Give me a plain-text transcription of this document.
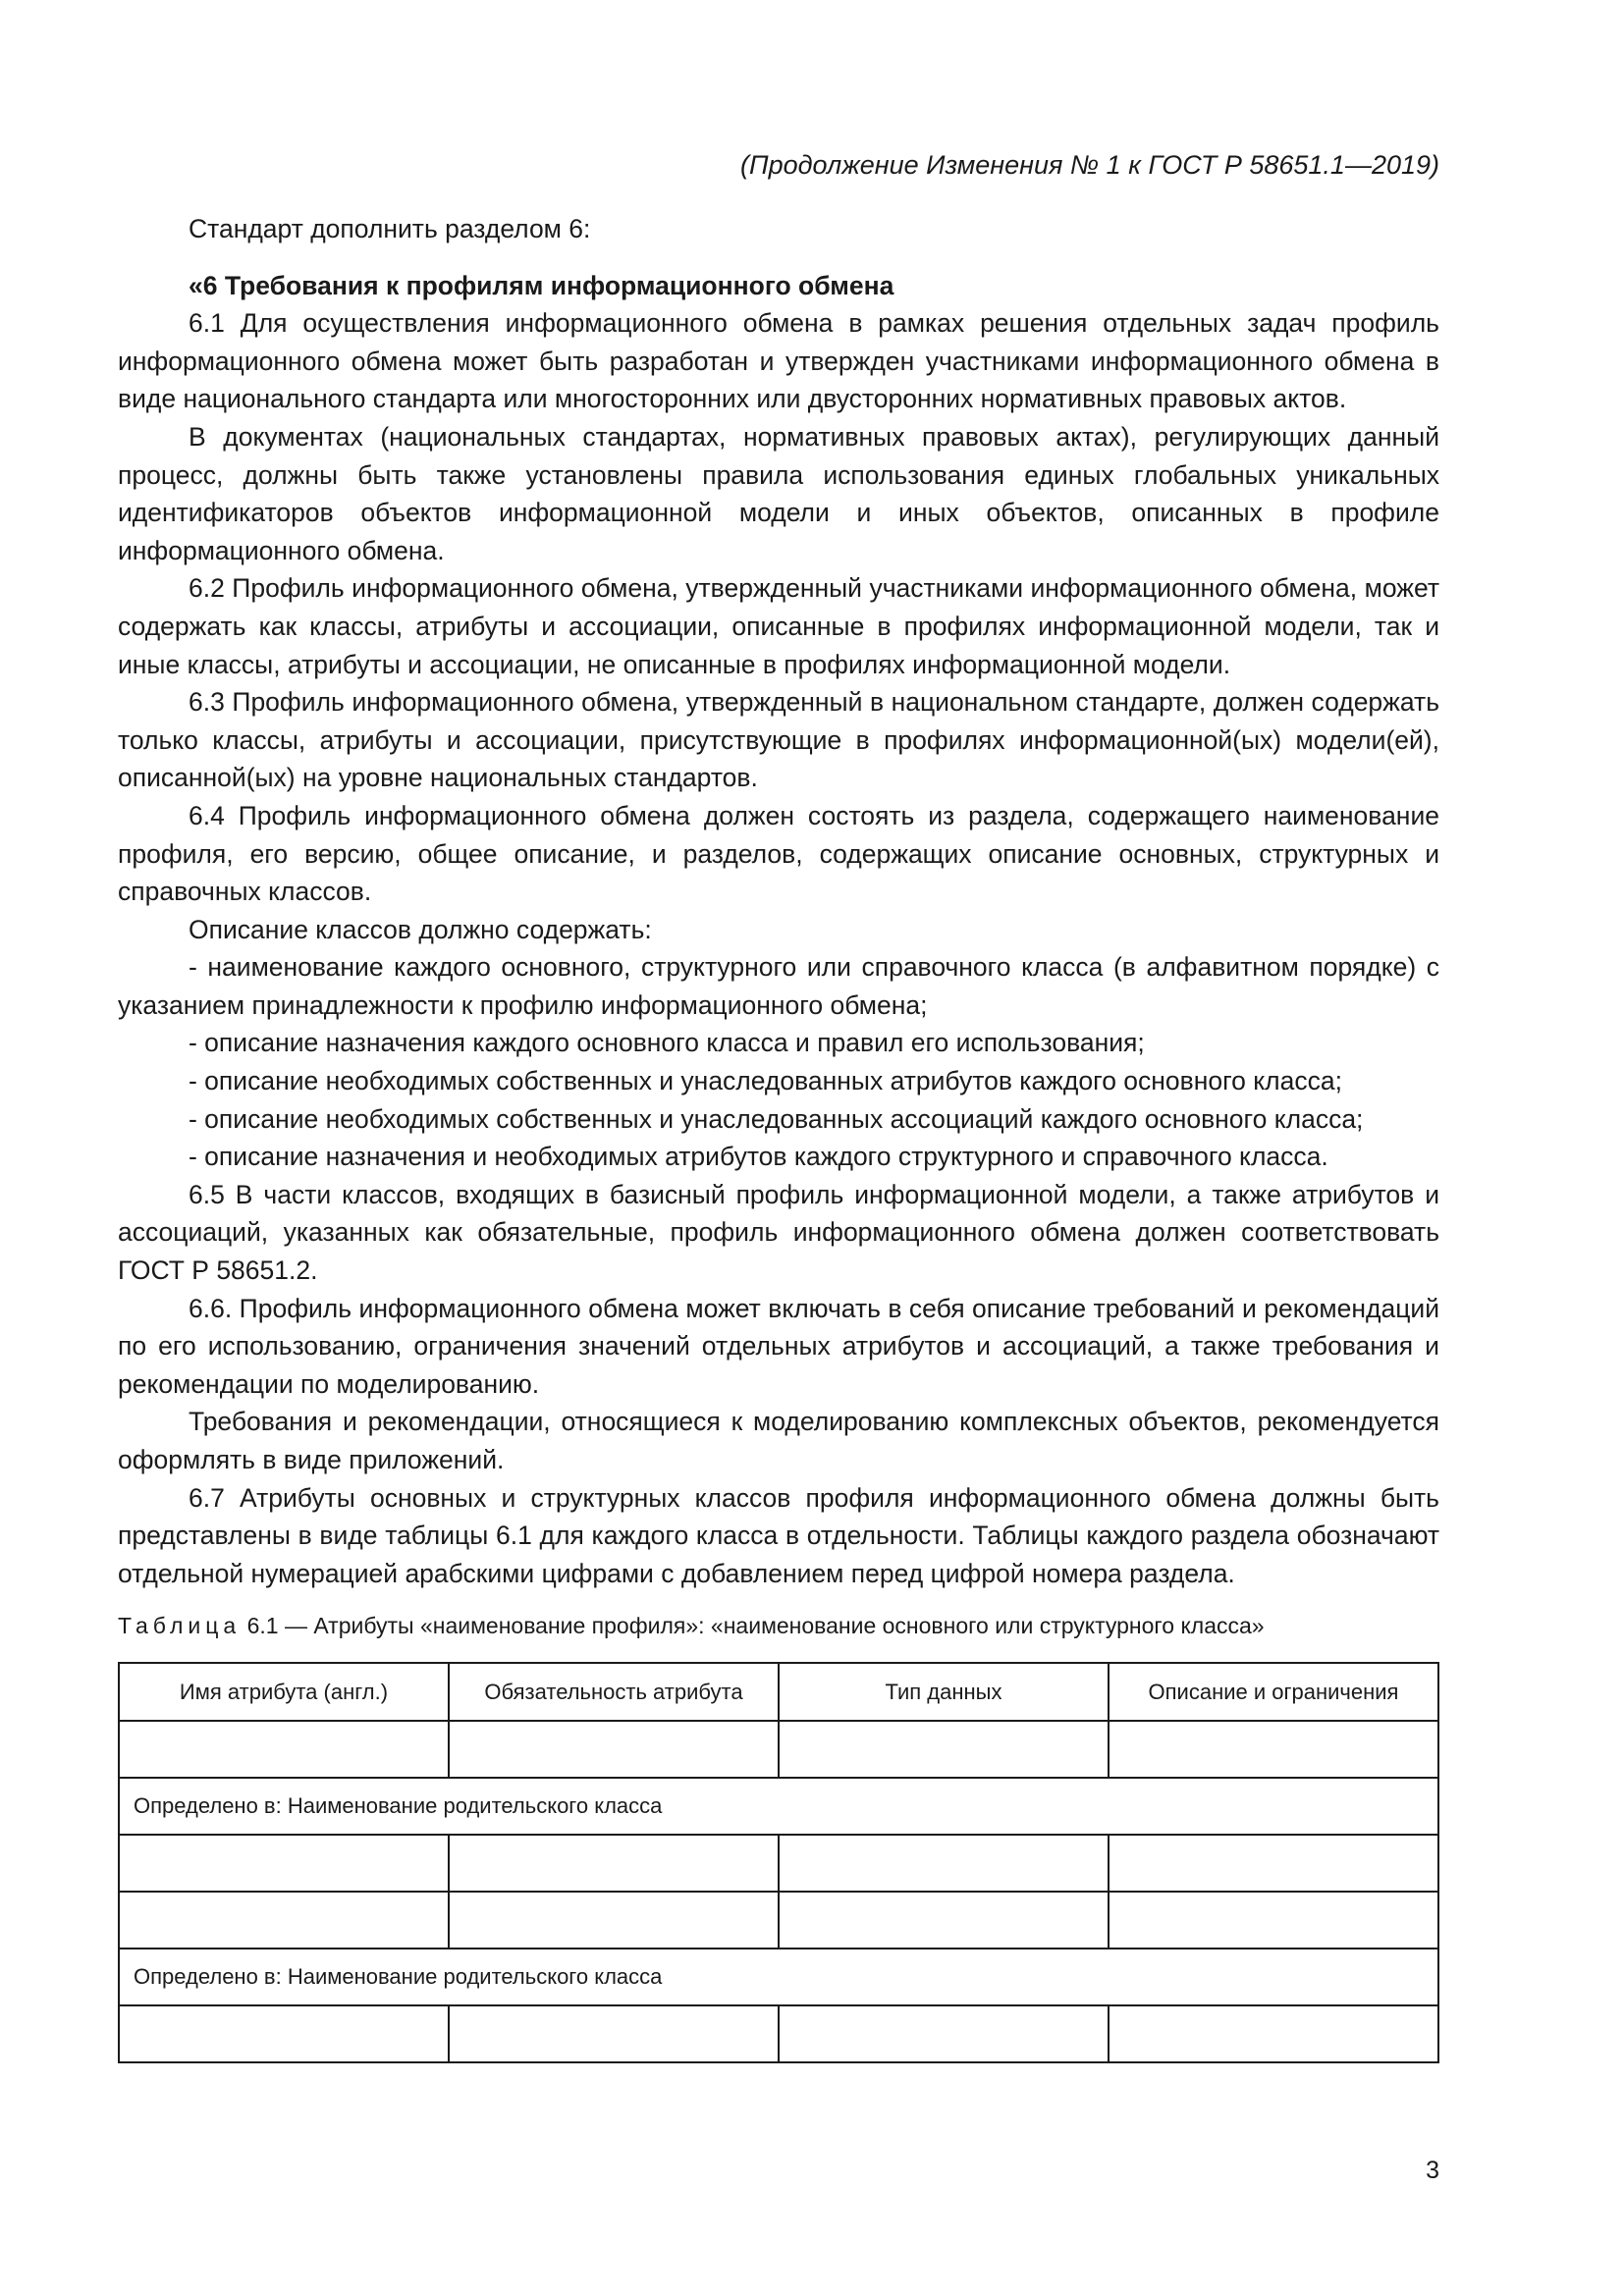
(Продолжение Изменения № 1 к ГОСТ Р 58651.1—2019)

Стандарт дополнить разделом 6:

«6 Требования к профилям информационного обмена

6.1 Для осуществления информационного обмена в рамках решения отдельных задач профиль информационного обмена может быть разработан и утвержден участниками информационного обмена в виде национального стандарта или многосторонних или двусторонних нормативных правовых актов.

В документах (национальных стандартах, нормативных правовых актах), регулирующих данный процесс, должны быть также установлены правила использования единых глобальных уникальных идентификаторов объектов информационной модели и иных объектов, описанных в профиле информационного обмена.

6.2 Профиль информационного обмена, утвержденный участниками информационного обмена, может содержать как классы, атрибуты и ассоциации, описанные в профилях информационной модели, так и иные классы, атрибуты и ассоциации, не описанные в профилях информационной модели.

6.3 Профиль информационного обмена, утвержденный в национальном стандарте, должен содержать только классы, атрибуты и ассоциации, присутствующие в профилях информационной(ых) модели(ей), описанной(ых) на уровне национальных стандартов.

6.4 Профиль информационного обмена должен состоять из раздела, содержащего наименование профиля, его версию, общее описание, и разделов, содержащих описание основных, структурных и справочных классов.

Описание классов должно содержать:

- наименование каждого основного, структурного или справочного класса (в алфавитном порядке) с указанием принадлежности к профилю информационного обмена;

- описание назначения каждого основного класса и правил его использования;

- описание необходимых собственных и унаследованных атрибутов каждого основного класса;

- описание необходимых собственных и унаследованных ассоциаций каждого основного класса;

- описание назначения и необходимых атрибутов каждого структурного и справочного класса.

6.5 В части классов, входящих в базисный профиль информационной модели, а также атрибутов и ассоциаций, указанных как обязательные, профиль информационного обмена должен соответствовать ГОСТ Р 58651.2.

6.6. Профиль информационного обмена может включать в себя описание требований и рекомендаций по его использованию, ограничения значений отдельных атрибутов и ассоциаций, а также требования и рекомендации по моделированию.

Требования и рекомендации, относящиеся к моделированию комплексных объектов, рекомендуется оформлять в виде приложений.

6.7 Атрибуты основных и структурных классов профиля информационного обмена должны быть представлены в виде таблицы 6.1 для каждого класса в отдельности. Таблицы каждого раздела обозначают отдельной нумерацией арабскими цифрами с добавлением перед цифрой номера раздела.

Таблица 6.1 — Атрибуты «наименование профиля»: «наименование основного или структурного класса»
Имя атрибута (англ.)	Обязательность атрибута	Тип данных	Описание и ограничения

Определено в: Наименование родительского класса			

Определено в: Наименование родительского класса			

3
